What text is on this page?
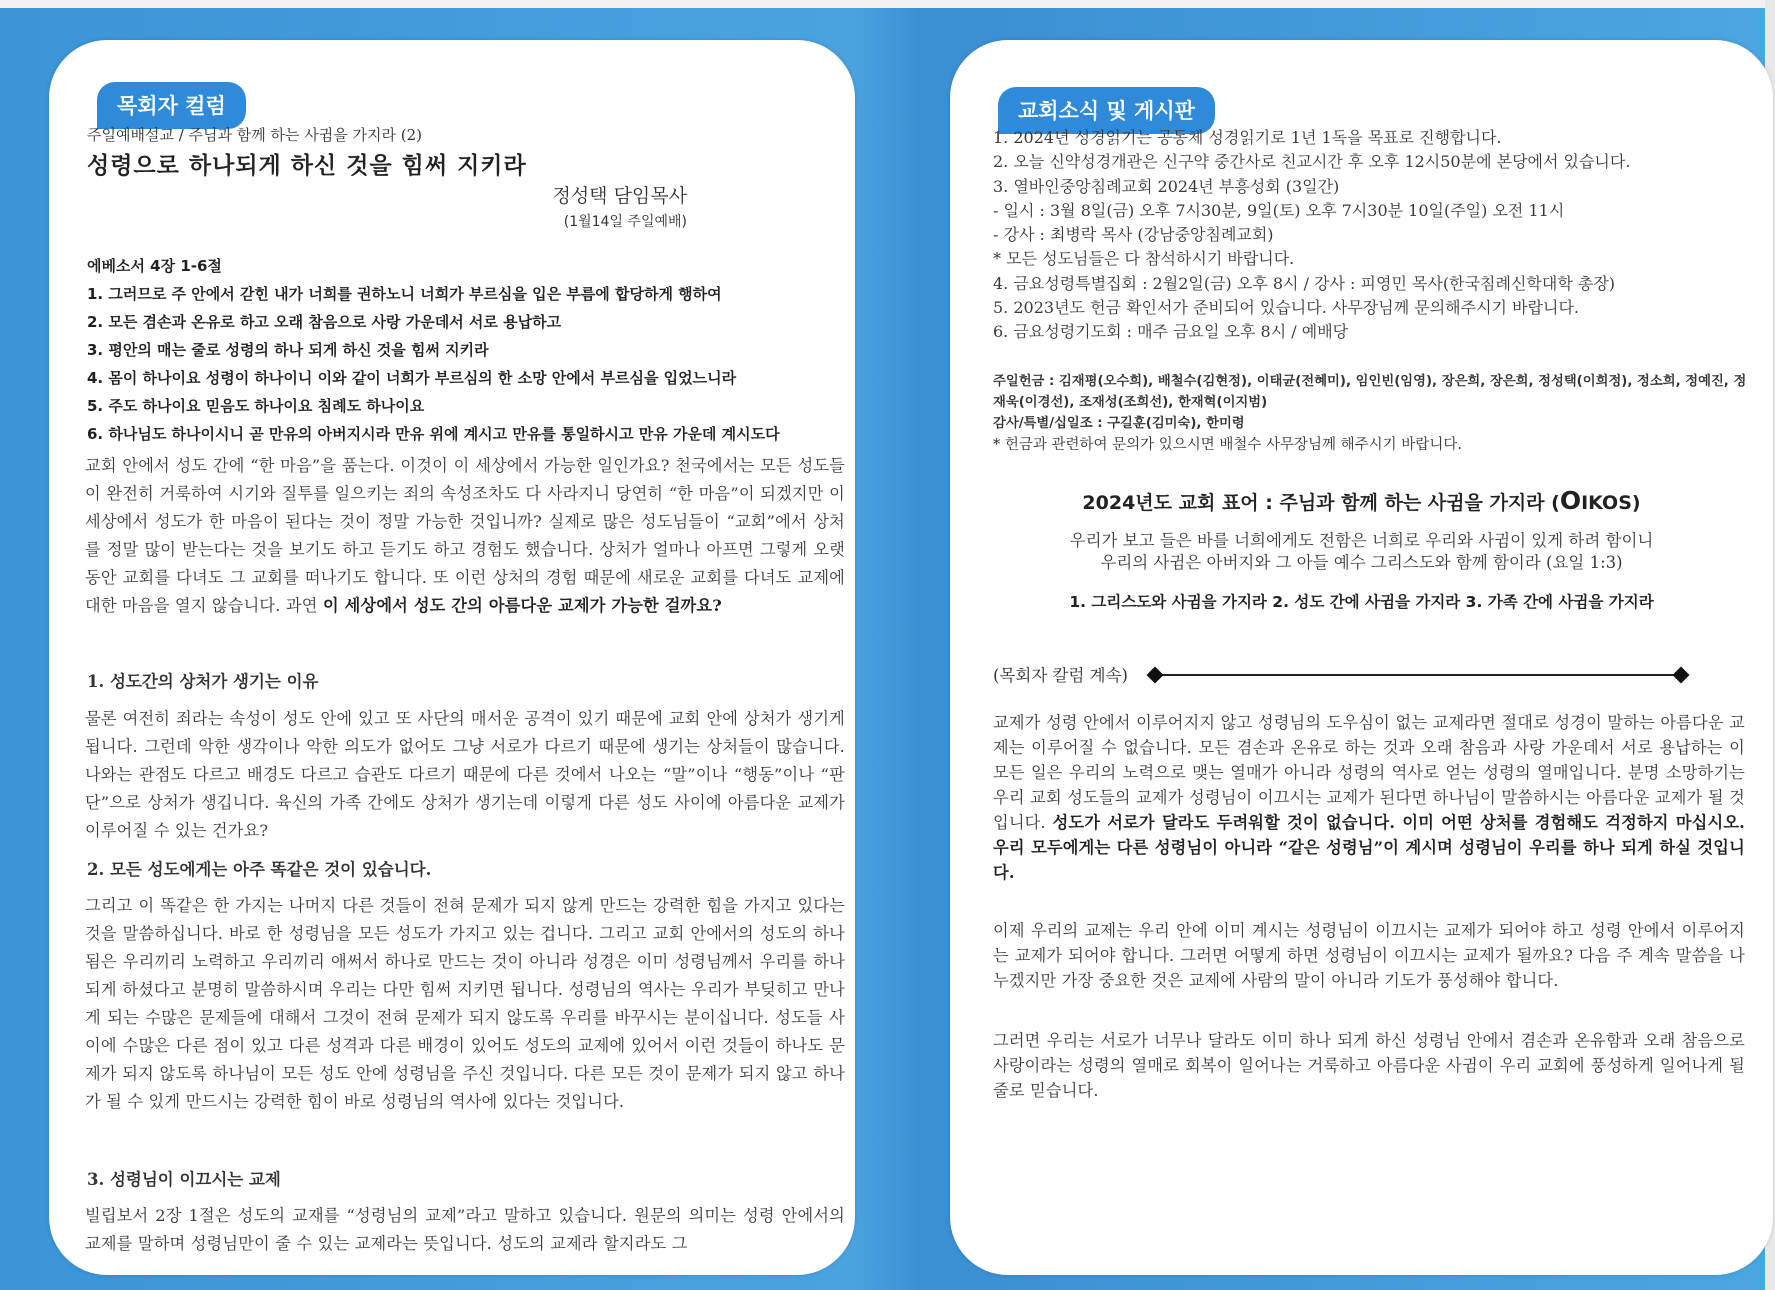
목회자 컬럼
주일예배설교 / 주님과 함께 하는 사귐을 가지라 (2)
성령으로 하나되게 하신 것을 힘써 지키라
정성택 담임목사
(1월14일 주일예배)
에베소서 4장 1-6절
1. 그러므로 주 안에서 갇힌 내가 너희를 권하노니 너희가 부르심을 입은 부름에 합당하게 행하여
2. 모든 겸손과 온유로 하고 오래 참음으로 사랑 가운데서 서로 용납하고
3. 평안의 매는 줄로 성령의 하나 되게 하신 것을 힘써 지키라
4. 몸이 하나이요 성령이 하나이니 이와 같이 너희가 부르심의 한 소망 안에서 부르심을 입었느니라
5. 주도 하나이요 믿음도 하나이요 침례도 하나이요
6. 하나님도 하나이시니 곧 만유의 아버지시라 만유 위에 계시고 만유를 통일하시고 만유 가운데 계시도다
교회 안에서 성도 간에 “한 마음”을 품는다. 이것이 이 세상에서 가능한 일인가요? 천국에서는 모든 성도들이 완전히 거룩하여 시기와 질투를 일으키는 죄의 속성조차도 다 사라지니 당연히 “한 마음”이 되겠지만 이 세상에서 성도가 한 마음이 된다는 것이 정말 가능한 것입니까? 실제로 많은 성도님들이 “교회”에서 상처를 정말 많이 받는다는 것을 보기도 하고 듣기도 하고 경험도 했습니다. 상처가 얼마나 아프면 그렇게 오랫동안 교회를 다녀도 그 교회를 떠나기도 합니다. 또 이런 상처의 경험 때문에 새로운 교회를 다녀도 교제에 대한 마음을 열지 않습니다. 과연 이 세상에서 성도 간의 아름다운 교제가 가능한 걸까요?
1. 성도간의 상처가 생기는 이유
물론 여전히 죄라는 속성이 성도 안에 있고 또 사단의 매서운 공격이 있기 때문에 교회 안에 상처가 생기게 됩니다. 그런데 악한 생각이나 악한 의도가 없어도 그냥 서로가 다르기 때문에 생기는 상처들이 많습니다. 나와는 관점도 다르고 배경도 다르고 습관도 다르기 때문에 다른 것에서 나오는 “말”이나 “행동”이나 “판단”으로 상처가 생깁니다. 육신의 가족 간에도 상처가 생기는데 이렇게 다른 성도 사이에 아름다운 교제가 이루어질 수 있는 건가요?
2. 모든 성도에게는 아주 똑같은 것이 있습니다.
그리고 이 똑같은 한 가지는 나머지 다른 것들이 전혀 문제가 되지 않게 만드는 강력한 힘을 가지고 있다는 것을 말씀하십니다. 바로 한 성령님을 모든 성도가 가지고 있는 겁니다. 그리고 교회 안에서의 성도의 하나 됨은 우리끼리 노력하고 우리끼리 애써서 하나로 만드는 것이 아니라 성경은 이미 성령님께서 우리를 하나 되게 하셨다고 분명히 말씀하시며 우리는 다만 힘써 지키면 됩니다. 성령님의 역사는 우리가 부딪히고 만나게 되는 수많은 문제들에 대해서 그것이 전혀 문제가 되지 않도록 우리를 바꾸시는 분이십니다. 성도들 사이에 수많은 다른 점이 있고 다른 성격과 다른 배경이 있어도 성도의 교제에 있어서 이런 것들이 하나도 문제가 되지 않도록 하나님이 모든 성도 안에 성령님을 주신 것입니다. 다른 모든 것이 문제가 되지 않고 하나가 될 수 있게 만드시는 강력한 힘이 바로 성령님의 역사에 있다는 것입니다.
3. 성령님이 이끄시는 교제
빌립보서 2장 1절은 성도의 교재를 “성령님의 교제”라고 말하고 있습니다. 원문의 의미는 성령 안에서의 교제를 말하며 성령님만이 줄 수 있는 교제라는 뜻입니다. 성도의 교제라 할지라도 그
교회소식 및 게시판
1. 2024년 성경읽기는 공동체 성경읽기로 1년 1독을 목표로 진행합니다.
2. 오늘 신약성경개관은 신구약 중간사로 친교시간 후 오후 12시50분에 본당에서 있습니다.
3. 열바인중앙침례교회 2024년 부흥성회 (3일간)
- 일시 : 3월 8일(금) 오후 7시30분, 9일(토) 오후 7시30분 10일(주일) 오전 11시
- 강사 : 최병락 목사 (강남중앙침례교회)
* 모든 성도님들은 다 참석하시기 바랍니다.
4. 금요성령특별집회 : 2월2일(금) 오후 8시 / 강사 : 피영민 목사(한국침례신학대학 총장)
5. 2023년도 헌금 확인서가 준비되어 있습니다. 사무장님께 문의해주시기 바랍니다.
6. 금요성령기도회 : 매주 금요일 오후 8시 / 예배당
주일헌금 : 김재평(오수희), 배철수(김현정), 이태균(전혜미), 임인빈(임영), 장은희, 장은희, 정성택(이희정), 정소희, 정예진, 정재욱(이경선), 조재성(조희선), 한재혁(이지범)
감사/특별/십일조 : 구길훈(김미숙), 한미령
* 헌금과 관련하여 문의가 있으시면 배철수 사무장님께 해주시기 바랍니다.
2024년도 교회 표어 : 주님과 함께 하는 사귐을 가지라 (OIKOS)
우리가 보고 들은 바를 너희에게도 전함은 너희로 우리와 사귐이 있게 하려 함이니
우리의 사귐은 아버지와 그 아들 예수 그리스도와 함께 함이라 (요일 1:3)
1. 그리스도와 사귐을 가지라 2. 성도 간에 사귐을 가지라 3. 가족 간에 사귐을 가지라
(목회자 칼럼 계속)
교제가 성령 안에서 이루어지지 않고 성령님의 도우심이 없는 교제라면 절대로 성경이 말하는 아름다운 교제는 이루어질 수 없습니다. 모든 겸손과 온유로 하는 것과 오래 참음과 사랑 가운데서 서로 용납하는 이 모든 일은 우리의 노력으로 맺는 열매가 아니라 성령의 역사로 얻는 성령의 열매입니다. 분명 소망하기는 우리 교회 성도들의 교제가 성령님이 이끄시는 교제가 된다면 하나님이 말씀하시는 아름다운 교제가 될 것입니다. 성도가 서로가 달라도 두려워할 것이 없습니다. 이미 어떤 상처를 경험해도 걱정하지 마십시오. 우리 모두에게는 다른 성령님이 아니라 “같은 성령님”이 계시며 성령님이 우리를 하나 되게 하실 것입니다.
이제 우리의 교제는 우리 안에 이미 계시는 성령님이 이끄시는 교제가 되어야 하고 성령 안에서 이루어지는 교제가 되어야 합니다. 그러면 어떻게 하면 성령님이 이끄시는 교제가 될까요? 다음 주 계속 말씀을 나누겠지만 가장 중요한 것은 교제에 사람의 말이 아니라 기도가 풍성해야 합니다.
그러면 우리는 서로가 너무나 달라도 이미 하나 되게 하신 성령님 안에서 겸손과 온유함과 오래 참음으로 사랑이라는 성령의 열매로 회복이 일어나는 거룩하고 아름다운 사귐이 우리 교회에 풍성하게 일어나게 될 줄로 믿습니다.
